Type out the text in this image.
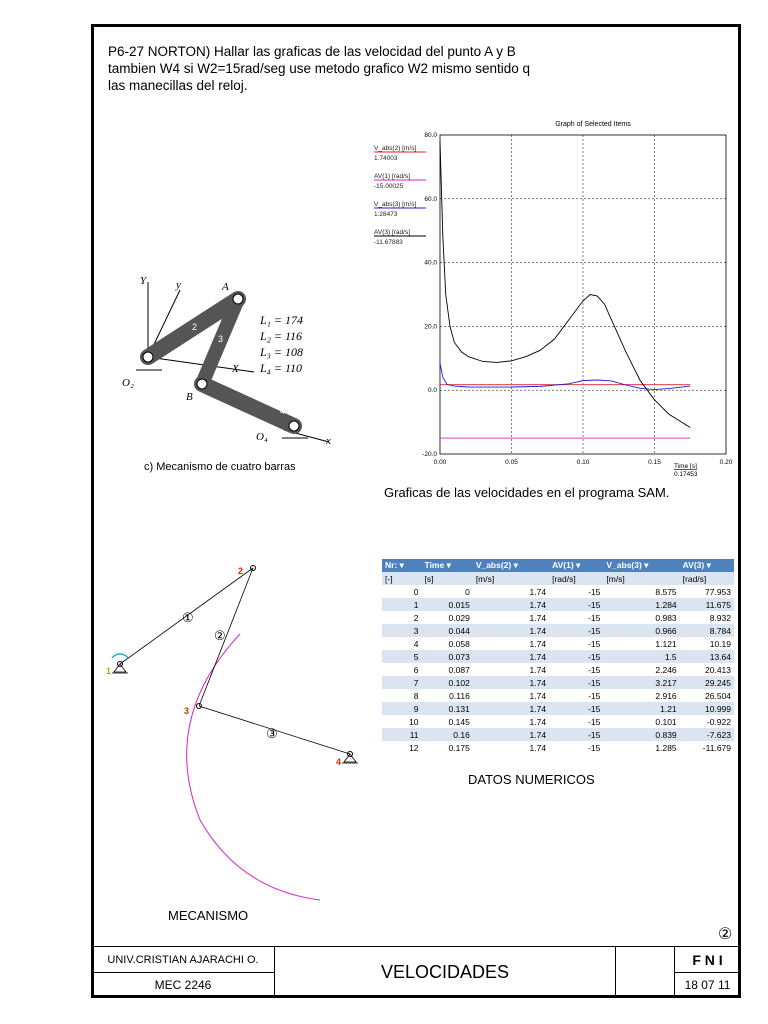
P6-27 NORTON) Hallar las graficas de las velocidad del punto A y B
tambien W4 si W2=15rad/seg use metodo grafico W2 mismo sentido q
las manecillas del reloj.
Y	y	A
B
X
x
O₂
O₄
2
3
4
L₁ = 174
L₂ = 116
L₃ = 108
L₄ = 110
c) Mecanismo de cuatro barras
Graph of Selected Items
0.00	0.05	0.10	0.15	0.20
80.0
60.0
40.0
20.0
0.0
-20.0
V_abs(2) [m/s]
1.74003
AV(1) [rad/s]
-15.00025
V_abs(3) [m/s]
1.28473
AV(3) [rad/s]
-11.67883
Time [s]
0.17453
Graficas de las velocidades en el programa SAM.
1
2
3
4
①
②
③
MECANISMO
Nr: ▾	Time ▾	V_abs(2) ▾	AV(1) ▾	V_abs(3) ▾	AV(3) ▾
[-]	[s]	[m/s]	[rad/s]	[m/s]	[rad/s]
0	0	1.74	-15	8.575	77.953
1	0.015	1.74	-15	1.284	11.675
2	0.029	1.74	-15	0.983	8.932
3	0.044	1.74	-15	0.966	8.784
4	0.058	1.74	-15	1.121	10.19
5	0.073	1.74	-15	1.5	13.64
6	0.087	1.74	-15	2.246	20.413
7	0.102	1.74	-15	3.217	29.245
8	0.116	1.74	-15	2.916	26.504
9	0.131	1.74	-15	1.21	10.999
10	0.145	1.74	-15	0.101	-0.922
11	0.16	1.74	-15	0.839	-7.623
12	0.175	1.74	-15	1.285	-11.679
DATOS NUMERICOS
②
UNIV.CRISTIAN AJARACHI O.
MEC 2246
VELOCIDADES
F N I
18 07 11
